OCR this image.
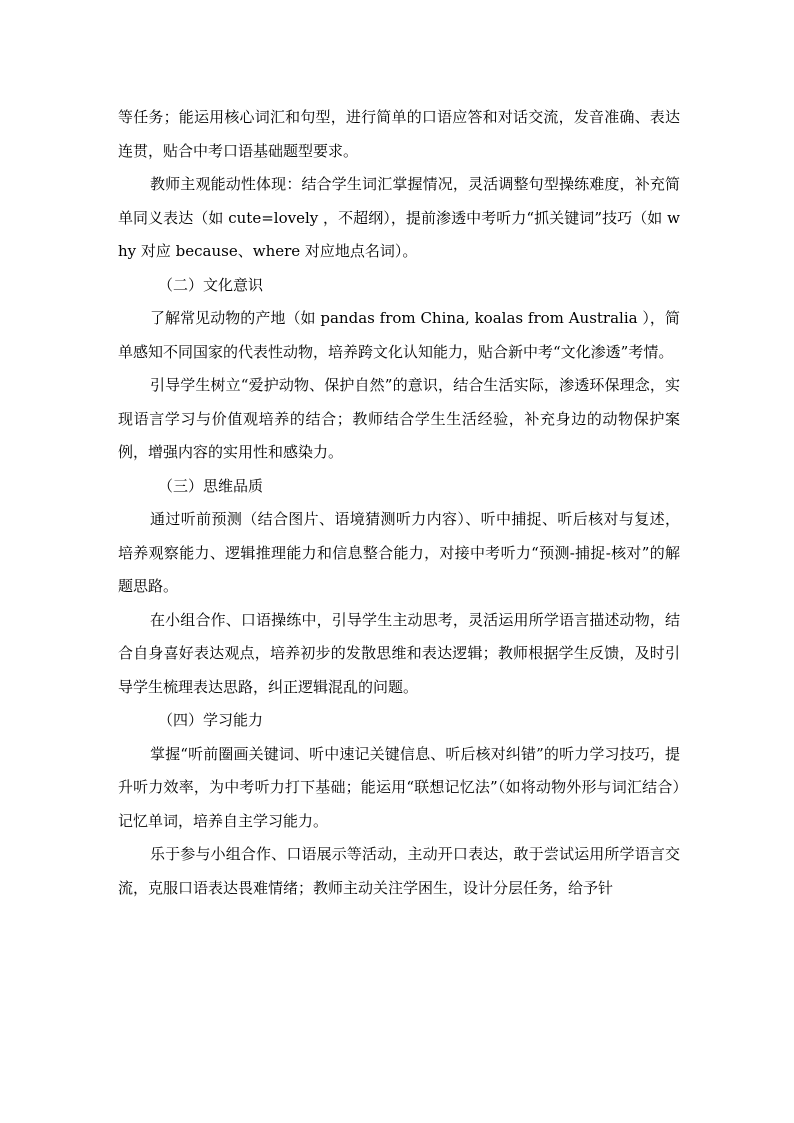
等任务；能运用核心词汇和句型，进行简单的口语应答和对话交流，发音准确、表达连贯，贴合中考口语基础题型要求。

教师主观能动性体现：结合学生词汇掌握情况，灵活调整句型操练难度，补充简单同义表达（如 cute=lovely ，不超纲），提前渗透中考听力“抓关键词”技巧（如 why 对应 because、where 对应地点名词）。

（二）文化意识

了解常见动物的产地（如 pandas from China, koalas from Australia ），简单感知不同国家的代表性动物，培养跨文化认知能力，贴合新中考“文化渗透”考情。

引导学生树立“爱护动物、保护自然”的意识，结合生活实际，渗透环保理念，实现语言学习与价值观培养的结合；教师结合学生生活经验，补充身边的动物保护案例，增强内容的实用性和感染力。

（三）思维品质

通过听前预测（结合图片、语境猜测听力内容）、听中捕捉、听后核对与复述，培养观察能力、逻辑推理能力和信息整合能力，对接中考听力“预测-捕捉-核对”的解题思路。

在小组合作、口语操练中，引导学生主动思考，灵活运用所学语言描述动物，结合自身喜好表达观点，培养初步的发散思维和表达逻辑；教师根据学生反馈，及时引导学生梳理表达思路，纠正逻辑混乱的问题。

（四）学习能力

掌握“听前圈画关键词、听中速记关键信息、听后核对纠错”的听力学习技巧，提升听力效率，为中考听力打下基础；能运用“联想记忆法”（如将动物外形与词汇结合）记忆单词，培养自主学习能力。

乐于参与小组合作、口语展示等活动，主动开口表达，敢于尝试运用所学语言交流，克服口语表达畏难情绪；教师主动关注学困生，设计分层任务，给予针
